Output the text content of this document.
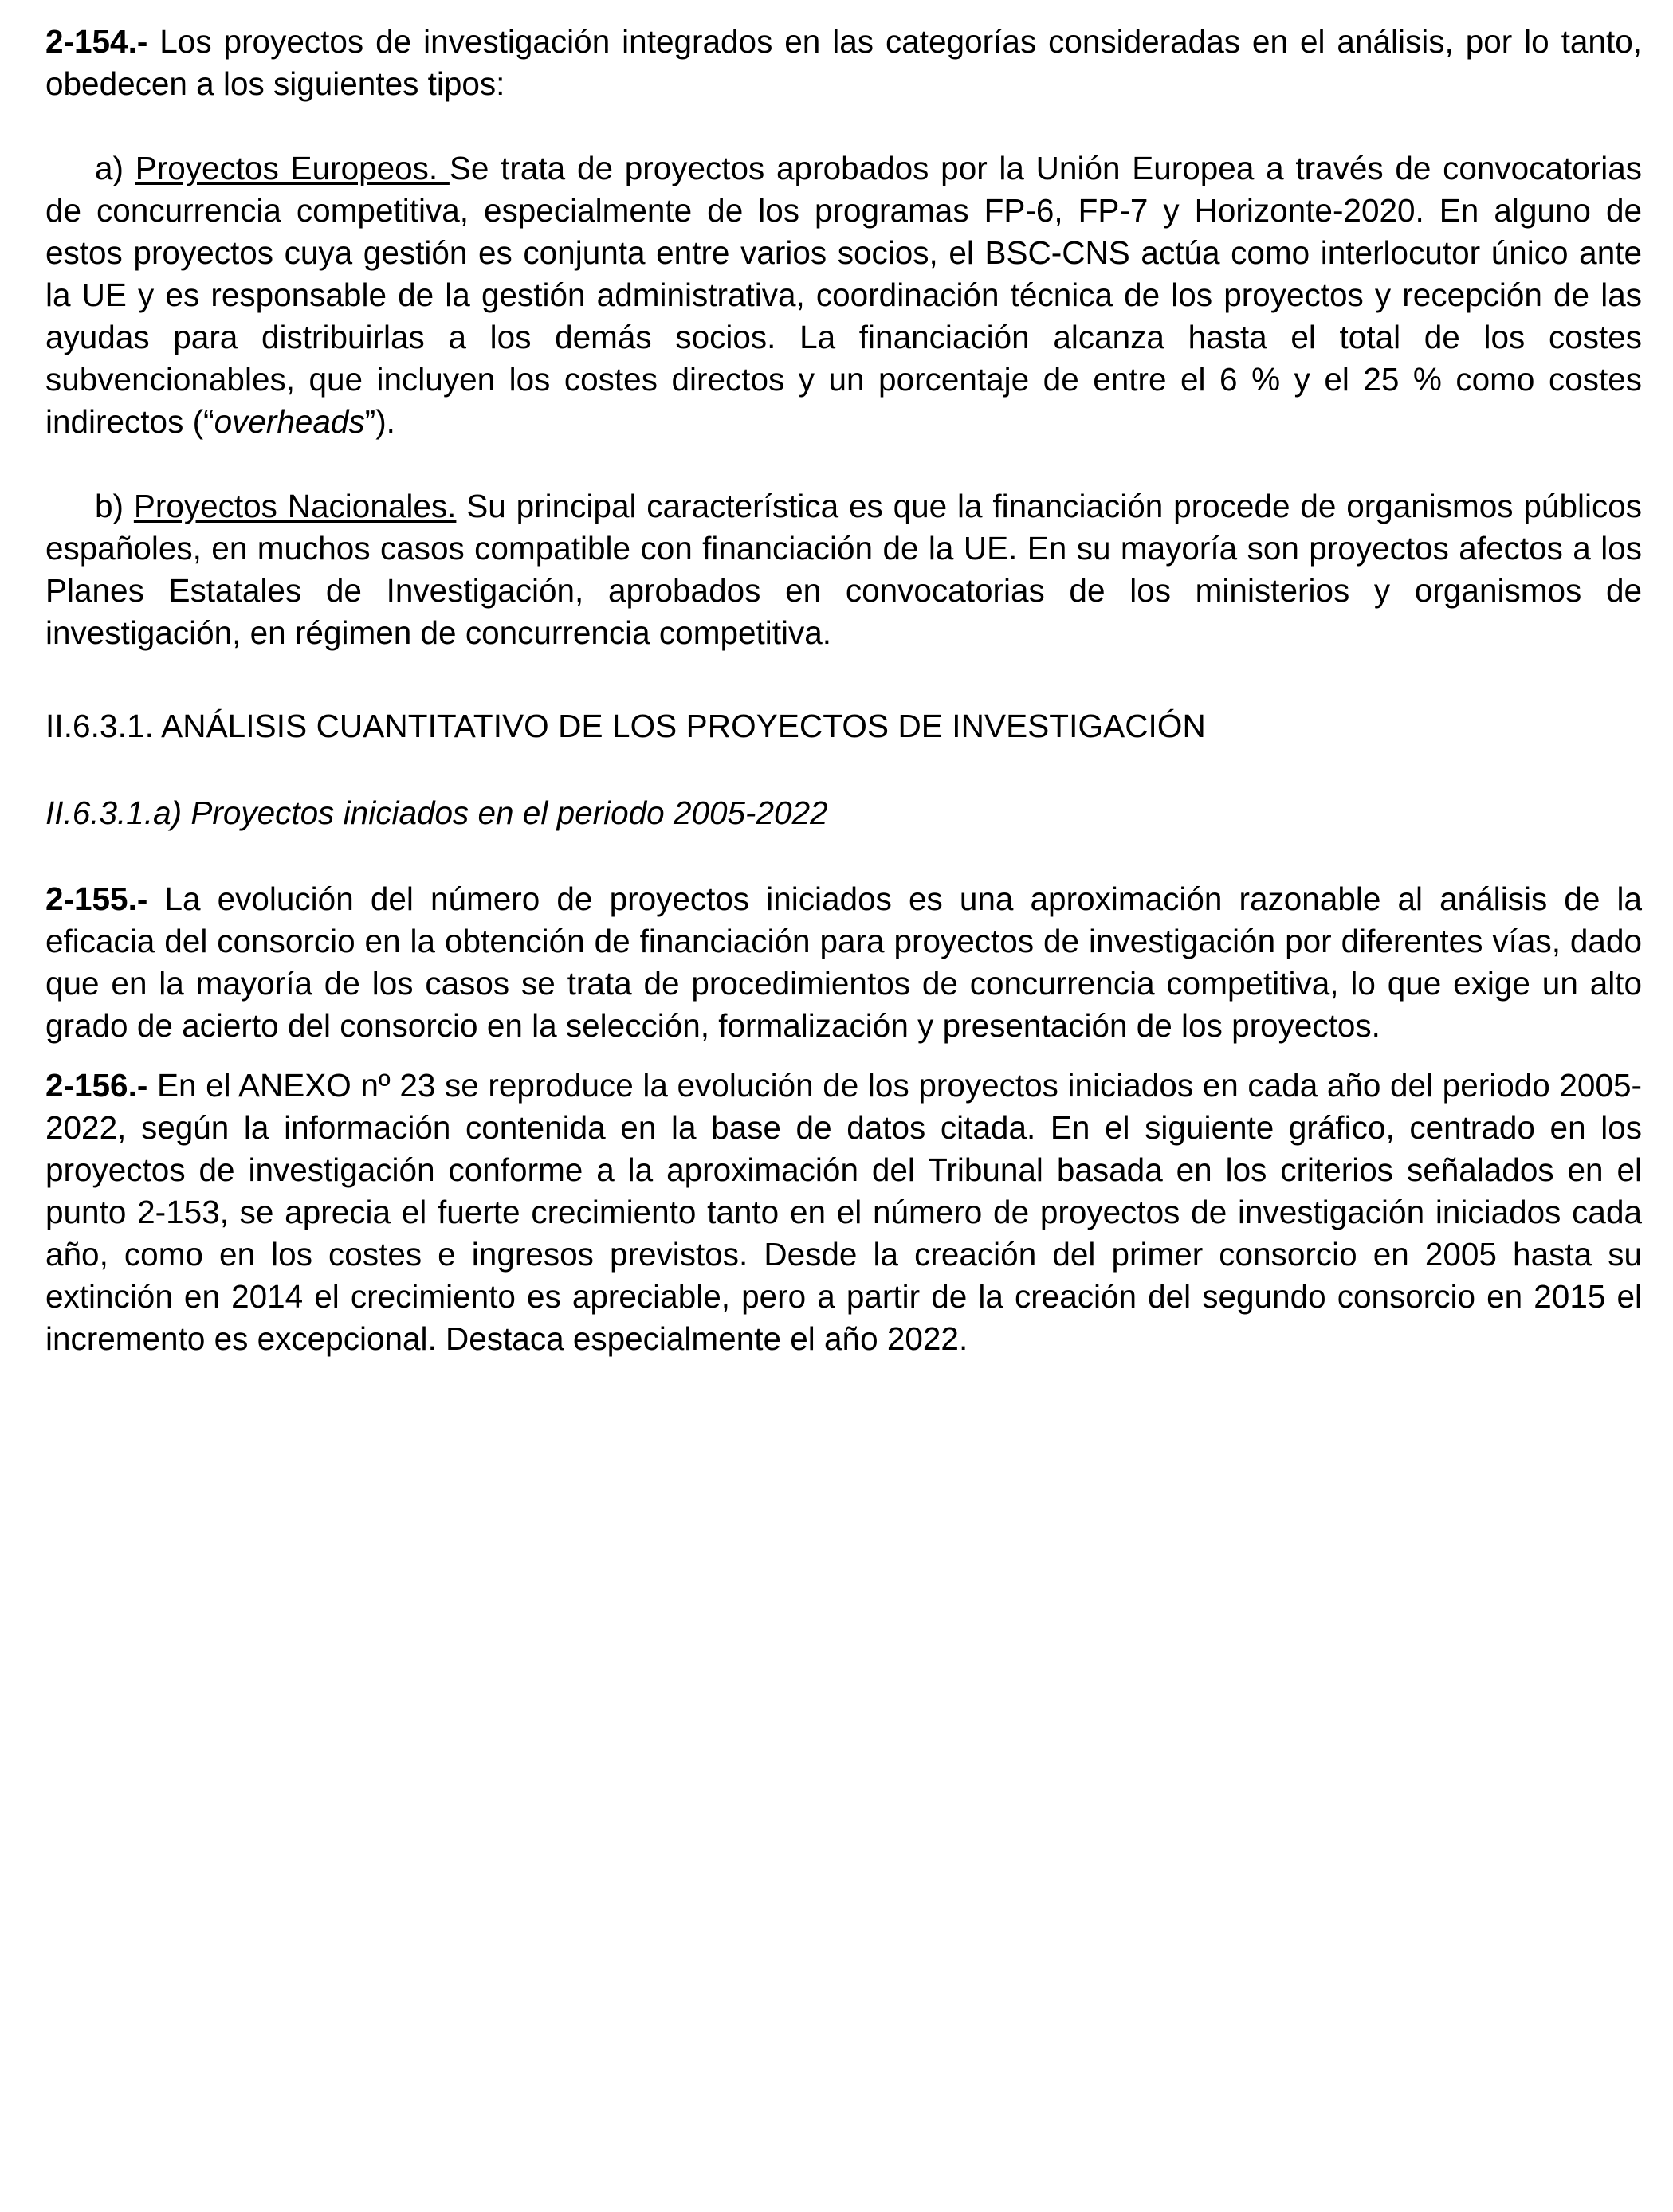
2-154.- Los proyectos de investigación integrados en las categorías consideradas en el análisis, por lo tanto, obedecen a los siguientes tipos:

a) Proyectos Europeos. Se trata de proyectos aprobados por la Unión Europea a través de convocatorias de concurrencia competitiva, especialmente de los programas FP-6, FP-7 y Horizonte-2020. En alguno de estos proyectos cuya gestión es conjunta entre varios socios, el BSC-CNS actúa como interlocutor único ante la UE y es responsable de la gestión administrativa, coordinación técnica de los proyectos y recepción de las ayudas para distribuirlas a los demás socios. La financiación alcanza hasta el total de los costes subvencionables, que incluyen los costes directos y un porcentaje de entre el 6 % y el 25 % como costes indirectos (“overheads”).

b) Proyectos Nacionales. Su principal característica es que la financiación procede de organismos públicos españoles, en muchos casos compatible con financiación de la UE. En su mayoría son proyectos afectos a los Planes Estatales de Investigación, aprobados en convocatorias de los ministerios y organismos de investigación, en régimen de concurrencia competitiva.

II.6.3.1. ANÁLISIS CUANTITATIVO DE LOS PROYECTOS DE INVESTIGACIÓN
II.6.3.1.a) Proyectos iniciados en el periodo 2005-2022

2-155.- La evolución del número de proyectos iniciados es una aproximación razonable al análisis de la eficacia del consorcio en la obtención de financiación para proyectos de investigación por diferentes vías, dado que en la mayoría de los casos se trata de procedimientos de concurrencia competitiva, lo que exige un alto grado de acierto del consorcio en la selección, formalización y presentación de los proyectos.

2-156.- En el ANEXO nº 23 se reproduce la evolución de los proyectos iniciados en cada año del periodo 2005-2022, según la información contenida en la base de datos citada. En el siguiente gráfico, centrado en los proyectos de investigación conforme a la aproximación del Tribunal basada en los criterios señalados en el punto 2-153, se aprecia el fuerte crecimiento tanto en el número de proyectos de investigación iniciados cada año, como en los costes e ingresos previstos. Desde la creación del primer consorcio en 2005 hasta su extinción en 2014 el crecimiento es apreciable, pero a partir de la creación del segundo consorcio en 2015 el incremento es excepcional. Destaca especialmente el año 2022.
